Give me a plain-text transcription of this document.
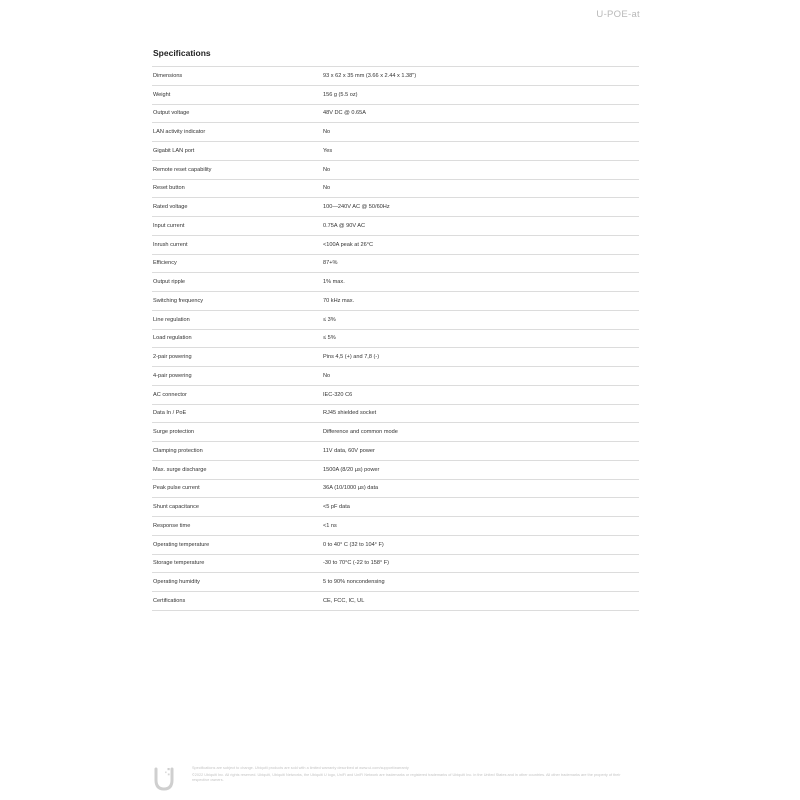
U-POE-at
Specifications
Dimensions	93 x 62 x 35 mm (3.66 x 2.44 x 1.38")
Weight	156 g (5.5 oz)
Output voltage	48V DC @ 0.65A
LAN activity indicator	No
Gigabit LAN port	Yes
Remote reset capability	No
Reset button	No
Rated voltage	100—240V AC @ 50/60Hz
Input current	0.75A @ 90V AC
Inrush current	<100A peak at 26°C
Efficiency	87+%
Output ripple	1% max.
Switching frequency	70 kHz max.
Line regulation	≤ 3%
Load regulation	≤ 5%
2-pair powering	Pins 4,5 (+) and 7,8 (-)
4-pair powering	No
AC connector	IEC-320 C6
Data In / PoE	RJ45 shielded socket
Surge protection	Difference and common mode
Clamping protection	11V data, 60V power
Max. surge discharge	1500A (8/20 µs) power
Peak pulse current	36A (10/1000 µs) data
Shunt capacitance	<5 pF data
Response time	<1 ns
Operating temperature	0 to 40° C (32 to 104° F)
Storage temperature	-30 to 70°C (-22 to 158° F)
Operating humidity	5 to 90% noncondensing
Certifications	CE, FCC, IC, UL

Specifications are subject to change. Ubiquiti products are sold with a limited warranty described at www.ui.com/support/warranty

©2022 Ubiquiti Inc. All rights reserved. Ubiquiti, Ubiquiti Networks, the Ubiquiti U logo, UniFi and UniFi Network are trademarks or registered trademarks of Ubiquiti Inc. in the United States and in other countries. All other trademarks are the property of their respective owners.
